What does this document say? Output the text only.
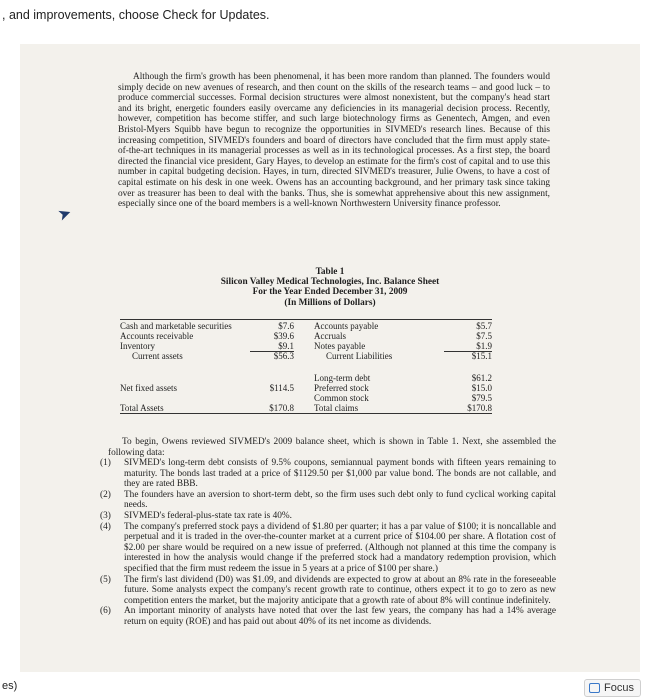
, and improvements, choose Check for Updates.

Although the firm's growth has been phenomenal, it has been more random than planned. The founders would simply decide on new avenues of research, and then count on the skills of the research teams – and good luck – to produce commercial successes. Formal decision structures were almost nonexistent, but the company's head start and its bright, energetic founders easily overcame any deficiencies in its managerial decision process. Recently, however, competition has become stiffer, and such large biotechnology firms as Genentech, Amgen, and even Bristol-Myers Squibb have begun to recognize the opportunities in SIVMED's research lines. Because of this increasing competition, SIVMED's founders and board of directors have concluded that the firm must apply state-of-the-art techniques in its managerial processes as well as in its technological processes. As a first step, the board directed the financial vice president, Gary Hayes, to develop an estimate for the firm's cost of capital and to use this number in capital budgeting decision. Hayes, in turn, directed SIVMED's treasurer, Julie Owens, to have a cost of capital estimate on his desk in one week. Owens has an accounting background, and her primary task since taking over as treasurer has been to deal with the banks. Thus, she is somewhat apprehensive about this new assignment, especially since one of the board members is a well-known Northwestern University finance professor.

➤
Table 1
Silicon Valley Medical Technologies, Inc. Balance Sheet
For the Year Ended December 31, 2009
(In Millions of Dollars)
Cash and marketable securities	$7.6		Accounts payable	$5.7
Accounts receivable	$39.6		Accruals	$7.5
Inventory	$9.1		Notes payable	$1.9
Current assets	$56.3		Current Liabilities	$15.1

			Long-term debt	$61.2
Net fixed assets	$114.5		Preferred stock	$15.0
			Common stock	$79.5
Total Assets	$170.8		Total claims	$170.8

To begin, Owens reviewed SIVMED's 2009 balance sheet, which is shown in Table 1. Next, she assembled the following data:

(1) SIVMED's long-term debt consists of 9.5% coupons, semiannual payment bonds with fifteen years remaining to maturity. The bonds last traded at a price of $1129.50 per $1,000 par value bond. The bonds are not callable, and they are rated BBB.
(2) The founders have an aversion to short-term debt, so the firm uses such debt only to fund cyclical working capital needs.
(3) SIVMED's federal-plus-state tax rate is 40%.
(4) The company's preferred stock pays a dividend of $1.80 per quarter; it has a par value of $100; it is noncallable and perpetual and it is traded in the over-the-counter market at a current price of $104.00 per share. A flotation cost of $2.00 per share would be required on a new issue of preferred. (Although not planned at this time the company is interested in how the analysis would change if the preferred stock had a mandatory redemption provision, which specified that the firm must redeem the issue in 5 years at a price of $100 per share.)
(5) The firm's last dividend (D0) was $1.09, and dividends are expected to grow at about an 8% rate in the foreseeable future. Some analysts expect the company's recent growth rate to continue, others expect it to go to zero as new competition enters the market, but the majority anticipate that a growth rate of about 8% will continue indefinitely.
(6) An important minority of analysts have noted that over the last few years, the company has had a 14% average return on equity (ROE) and has paid out about 40% of its net income as dividends.
es)	Focus
